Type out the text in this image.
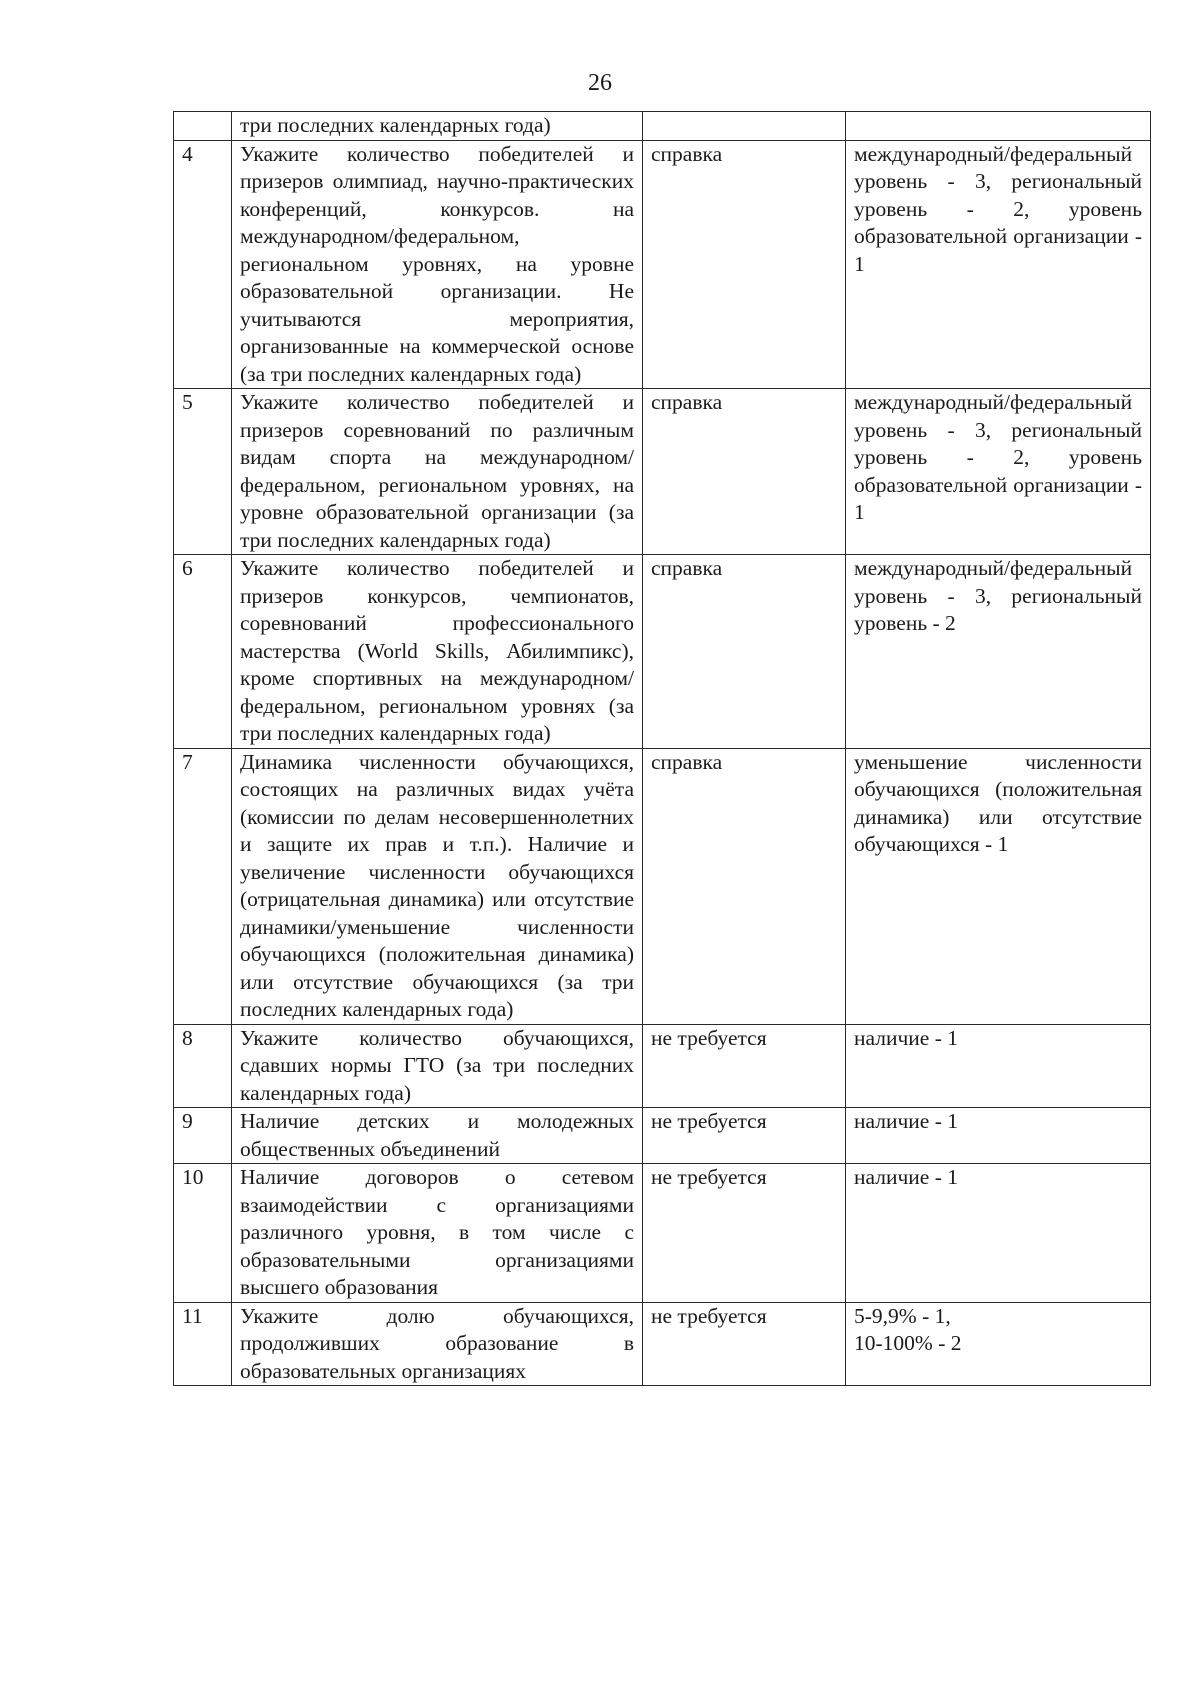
26
	три последних календарных года)		
4	Укажите количество победителей и призеров олимпиад, научно-практических конференций, конкурсов. на международном/федеральном, региональном уровнях, на уровне образовательной организации. Не учитываются мероприятия, организованные на коммерческой основе (за три последних календарных года)	справка	международный/федеральный уровень - 3, региональный уровень - 2, уровень образовательной организации - 1
5	Укажите количество победителей и призеров соревнований по различным видам спорта на международном/федеральном, региональном уровнях, на уровне образовательной организации (за три последних календарных года)	справка	международный/федеральный уровень - 3, региональный уровень - 2, уровень образовательной организации - 1
6	Укажите количество победителей и призеров конкурсов, чемпионатов, соревнований профессионального мастерства (World Skills, Абилимпикс), кроме спортивных на международном/федеральном, региональном уровнях (за три последних календарных года)	справка	международный/федеральный уровень - 3, региональный уровень - 2
7	Динамика численности обучающихся, состоящих на различных видах учёта (комиссии по делам несовершеннолетних и защите их прав и т.п.). Наличие и увеличение численности обучающихся (отрицательная динамика) или отсутствие динамики/уменьшение численности обучающихся (положительная динамика) или отсутствие обучающихся (за три последних календарных года)	справка	уменьшение численности обучающихся (положительная динамика) или отсутствие обучающихся - 1
8	Укажите количество обучающихся, сдавших нормы ГТО (за три последних календарных года)	не требуется	наличие - 1
9	Наличие детских и молодежных общественных объединений	не требуется	наличие - 1
10	Наличие договоров о сетевом взаимодействии с организациями различного уровня, в том числе с образовательными организациями высшего образования	не требуется	наличие - 1
11	Укажите долю обучающихся, продолживших образование в образовательных организациях	не требуется	5-9,9% - 1,
10-100% - 2
